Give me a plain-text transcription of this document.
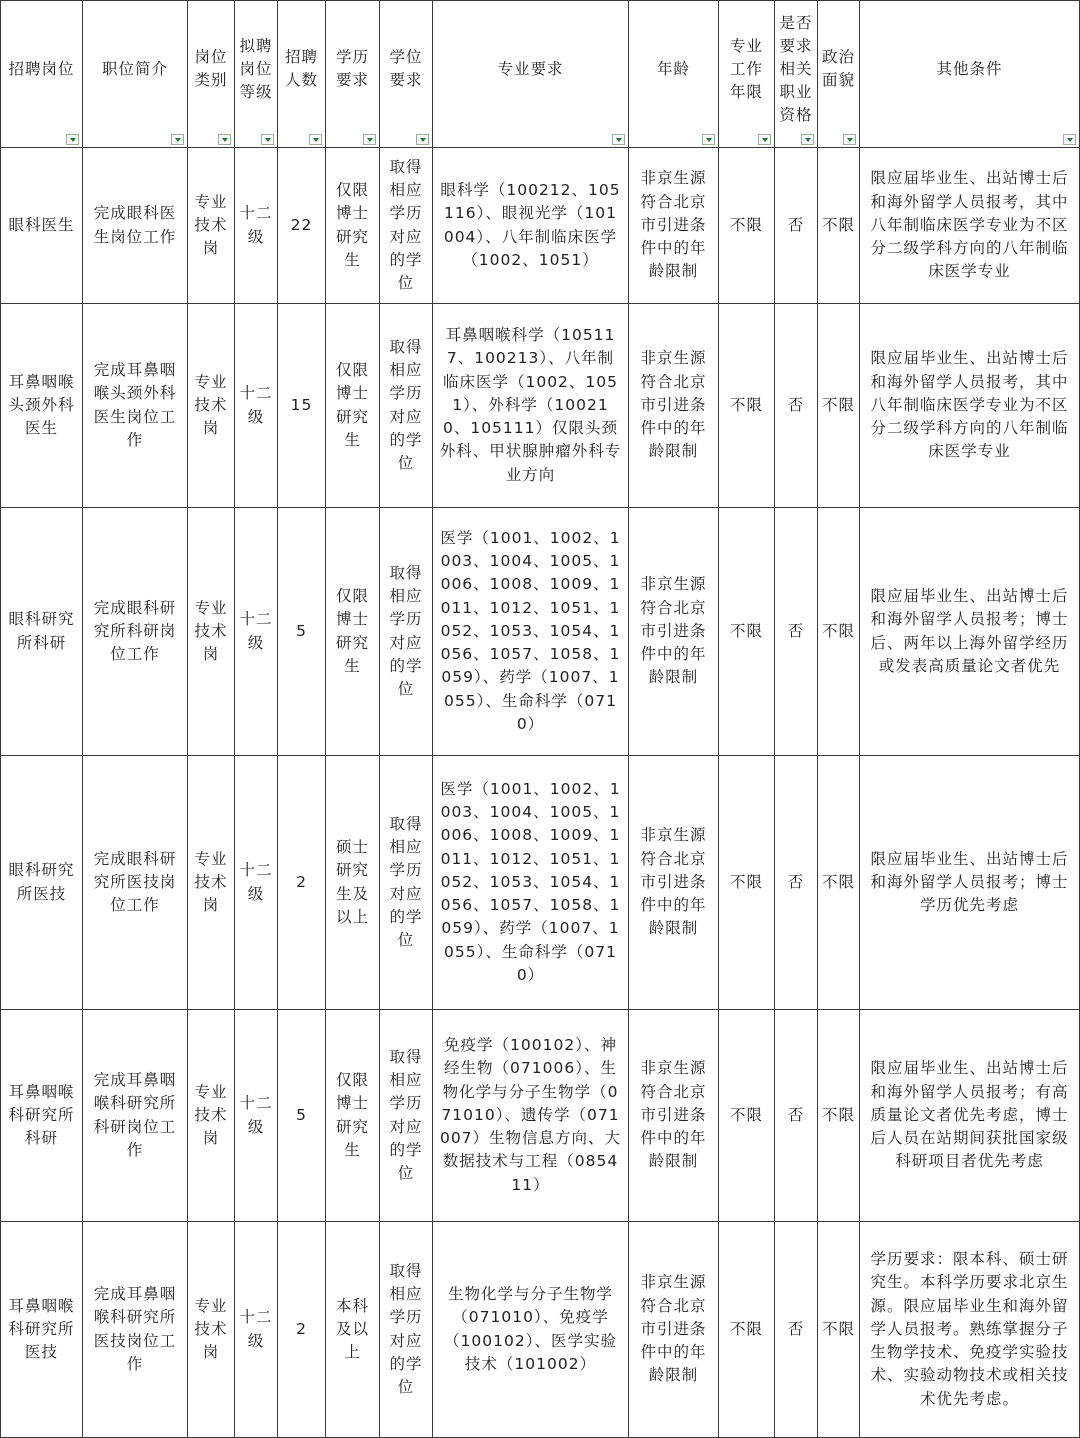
招聘岗位	职位简介	岗位类别	拟聘岗位等级	招聘人数	学历要求	学位要求	专业要求	年龄	专业工作年限	是否要求相关职业资格	政治面貌	其他条件

眼科医生	完成眼科医生岗位工作	专业技术岗	十二级	22	仅限博士研究生	取得相应学历对应的学位	眼科学（100212、105116）、眼视光学（101004）、八年制临床医学（1002、1051）	非京生源符合北京市引进条件中的年龄限制	不限	否	不限	限应届毕业生、出站博士后和海外留学人员报考，其中八年制临床医学专业为不区分二级学科方向的八年制临床医学专业
耳鼻咽喉头颈外科医生	完成耳鼻咽喉头颈外科医生岗位工作	专业技术岗	十二级	15	仅限博士研究生	取得相应学历对应的学位	耳鼻咽喉科学（105117、100213）、八年制临床医学（1002、1051）、外科学（100210、105111）仅限头颈外科、甲状腺肿瘤外科专业方向	非京生源符合北京市引进条件中的年龄限制	不限	否	不限	限应届毕业生、出站博士后和海外留学人员报考，其中八年制临床医学专业为不区分二级学科方向的八年制临床医学专业
眼科研究所科研	完成眼科研究所科研岗位工作	专业技术岗	十二级	5	仅限博士研究生	取得相应学历对应的学位	医学（1001、1002、1003、1004、1005、1006、1008、1009、1011、1012、1051、1052、1053、1054、1056、1057、1058、1059）、药学（1007、1055）、生命科学（0710）	非京生源符合北京市引进条件中的年龄限制	不限	否	不限	限应届毕业生、出站博士后和海外留学人员报考；博士后、两年以上海外留学经历或发表高质量论文者优先
眼科研究所医技	完成眼科研究所医技岗位工作	专业技术岗	十二级	2	硕士研究生及以上	取得相应学历对应的学位	医学（1001、1002、1003、1004、1005、1006、1008、1009、1011、1012、1051、1052、1053、1054、1056、1057、1058、1059）、药学（1007、1055）、生命科学（0710）	非京生源符合北京市引进条件中的年龄限制	不限	否	不限	限应届毕业生、出站博士后和海外留学人员报考；博士学历优先考虑
耳鼻咽喉科研究所科研	完成耳鼻咽喉科研究所科研岗位工作	专业技术岗	十二级	5	仅限博士研究生	取得相应学历对应的学位	免疫学（100102）、神经生物（071006）、生物化学与分子生物学（071010）、遗传学（071007）生物信息方向、大数据技术与工程（085411）	非京生源符合北京市引进条件中的年龄限制	不限	否	不限	限应届毕业生、出站博士后和海外留学人员报考；有高质量论文者优先考虑，博士后人员在站期间获批国家级科研项目者优先考虑
耳鼻咽喉科研究所医技	完成耳鼻咽喉科研究所医技岗位工作	专业技术岗	十二级	2	本科及以上	取得相应学历对应的学位	生物化学与分子生物学（071010）、免疫学（100102）、医学实验技术（101002）	非京生源符合北京市引进条件中的年龄限制	不限	否	不限	学历要求：限本科、硕士研究生。本科学历要求北京生源。限应届毕业生和海外留学人员报考。熟练掌握分子生物学技术、免疫学实验技术、实验动物技术或相关技术优先考虑。
